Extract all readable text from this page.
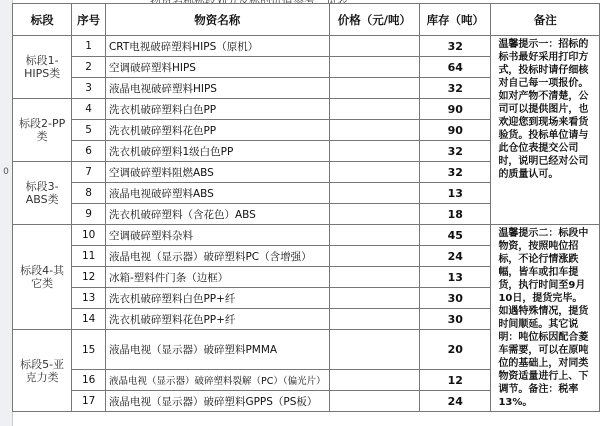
0
标段	序号	物资名称	价格（元/吨）	库存（吨）	备注
标段1-HIPS类	1	CRT电视破碎塑料HIPS（原机）		32	温馨提示一：招标的标书最好采用打印方式，投标时请仔细核对自己每一项报价。如对产物不清楚，公司可以提供图片，也欢迎您到现场来看货验货。投标单位请与此仓位表提交公司时，说明已经对公司的质量认可。

	2	空调破碎塑料HIPS		64	
	3	液晶电视破碎塑料HIPS		32	
标段2-PP类	4	洗衣机破碎塑料白色PP		90	
	5	洗衣机破碎塑料花色PP		90	
	6	洗衣机破碎塑料1级白色PP		32	
标段3-ABS类	7	空调破碎塑料阻燃ABS		32	
	8	液晶电视破碎塑料ABS		13	
	9	洗衣机破碎塑料（含花色）ABS		18	
标段4-其它类	10	空调破碎塑料杂料		45	温馨提示二：标段中物资，按照吨位招标，不论行情涨跌幅，皆车或扣车提货，执行时间至9月10日，提货完毕。如遇特殊情况，提货时间顺延。其它说明：吨位标因配合菱车需要，可以在原吨位的基础上，对同类物资适量进行上、下调节。备注：税率13%。

	11	液晶电视（显示器）破碎塑料PC（含增强）		24	
	12	冰箱-塑料件门条（边框）		13	
	13	洗衣机破碎塑料白色PP+纤		30	
	14	洗衣机破碎塑料花色PP+纤		30	
标段5-亚克力类	15	液晶电视（显示器）破碎塑料PMMA		20	
	16	液晶电视（显示器）破碎塑料裂解（PC）（偏光片）		12	
	17	液晶电视（显示器）破碎塑料GPPS（PS板）		24	
